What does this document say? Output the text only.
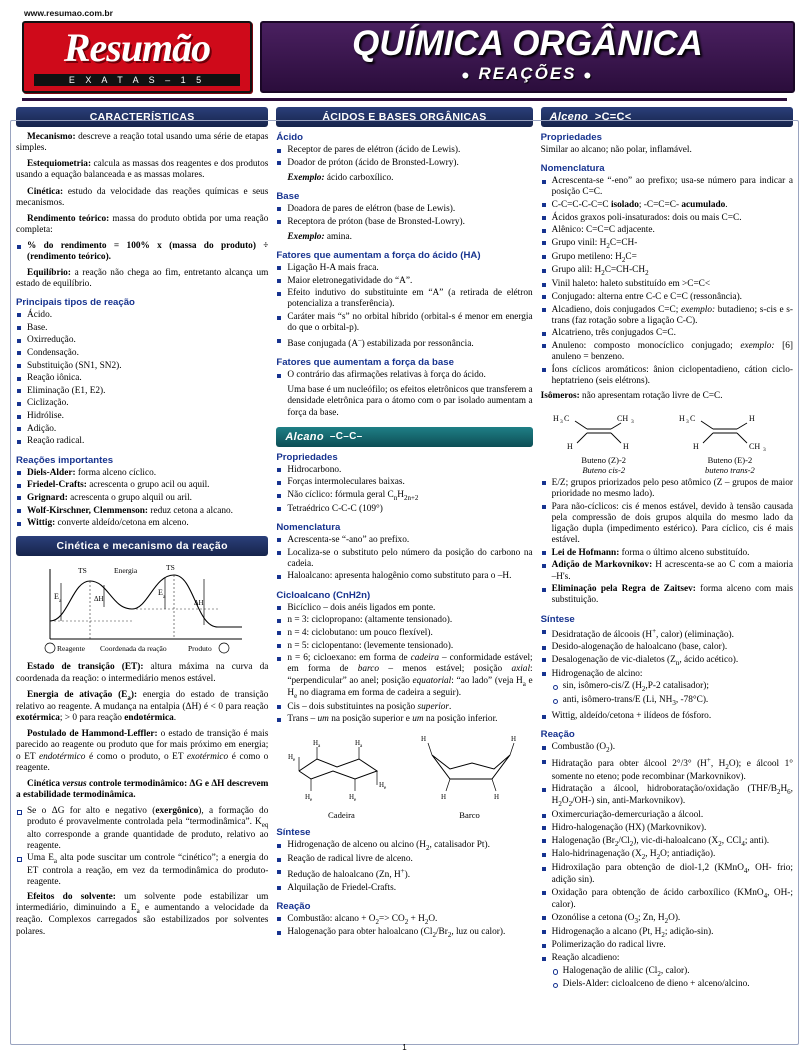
www.resumao.com.br
Resumão
E X A T A S – 1 5
QUÍMICA ORGÂNICA
● REAÇÕES ●
CARACTERÍSTICAS

Mecanismo: descreve a reação total usando uma série de etapas simples.

Estequiometria: calcula as massas dos reagentes e dos produtos usando a equação balanceada e as massas molares.

Cinética: estudo da velocidade das reações químicas e seus mecanismos.

Rendimento teórico: massa do produto obtida por uma reação completa:

% do rendimento = 100% x (massa do produto) ÷ (rendimento teórico).

Equilíbrio: a reação não chega ao fim, entretanto alcança um estado de equilíbrio.

Principais tipos de reação
Ácido.
Base.
Oxirredução.
Condensação.
Substituição (SN1, SN2).
Reação iônica.
Eliminação (E1, E2).
Ciclização.
Hidrólise.
Adição.
Reação radical.
Reações importantes
Diels-Alder: forma alceno cíclico.
Friedel-Crafts: acrescenta o grupo acil ou aquil.
Grignard: acrescenta o grupo alquil ou aril.
Wolf-Kirschner, Clemmenson: reduz cetona a alcano.
Wittig: converte aldeído/cetona em alceno.
Cinética e mecanismo da reação
E a
E a
ΔH	ΔH
TS	TS
Energia
Reagente Coordenada da reação	Produto

Estado de transição (ET): altura máxima na curva da coordenada da reação: o intermediário menos estável.

Energia de ativação $(E_a)$: energia do estado de transição relativo ao reagente. A mudança na entalpia (ΔH) é < 0 para reação exotérmica; > 0 para reação endotérmica.

Postulado de Hammond-Leffler: o estado de transição é mais parecido ao reagente ou produto que for mais próximo em energia; o ET endotérmico é como o produto, o ET exotérmico é como o reagente.

Cinética versus controle termodinâmico: ΔG e ΔH descrevem a estabilidade termodinâmica.

Se o ΔG for alto e negativo (exergônico), a formação do produto é provavelmente controlada pela “termodinâmica”. $K_{eq}$ alto corresponde a grande quantidade de produto, relativo ao reagente.
Uma $E_a$ alta pode suscitar um controle “cinético”; a energia do ET controla a reação, em vez da termodinâmica do produto-reagente.

Efeitos do solvente: um solvente pode estabilizar um intermediário, diminuindo a $E_a$ e aumentando a velocidade da reação. Complexos carregados são estabilizados por solventes polares.

ÁCIDOS E BASES ORGÂNICAS
Ácido
Receptor de pares de elétron (ácido de Lewis).
Doador de próton (ácido de Bronsted-Lowry).

Exemplo: ácido carboxílico.

Base
Doadora de pares de elétron (base de Lewis).
Receptora de próton (base de Bronsted-Lowry).

Exemplo: amina.

Fatores que aumentam a força do ácido (HA)
Ligação H-A mais fraca.
Maior eletronegatividade do “A”.
Efeito indutivo do substituinte em “A” (a retirada de elétron potencializa a transferência).
Caráter mais “s” no orbital híbrido (orbital-s é menor em energia do que o orbital-p).
Base conjugada (A–) estabilizada por ressonância.
Fatores que aumentam a força da base
O contrário das afirmações relativas à força do ácido.

Uma base é um nucleófilo; os efeitos eletrônicos que transferem a densidade eletrônica para o átomo com o par isolado aumentam a força da base.

Alcano –C–C–
Propriedades
Hidrocarbono.
Forças intermoleculares baixas.
Não cíclico: fórmula geral $C_nH_{2n+2}$
Tetraédrico C-C-C (109°)
Nomenclatura
Acrescenta-se “-ano” ao prefixo.
Localiza-se o substituto pelo número da posição do carbono na cadeia.
Haloalcano: apresenta halogênio como substituto para o –H.
Cicloalcano (CnH2n)
Bicíclico – dois anéis ligados em ponte.
n = 3: ciclopropano: (altamente tensionado).
n = 4: ciclobutano: um pouco flexível).
n = 5: ciclopentano: (levemente tensionado).
n = 6; cicloexano: em forma de cadeira – conformidade estável; em forma de barco – menos estável; posição axial: “perpendicular” ao anel; posição equatorial: “ao lado” (veja $H_a$ e $H_e$ no diagrama em forma de cadeira a seguir).
Cis – dois substituintes na posição superior.
Trans – um na posição superior e um na posição inferior.
H a	H a
H e
H e
H e	H e
Cadeira
H	H
H	H
Barco
Síntese
Hidrogenação de alceno ou alcino ($H_2$, catalisador Pt).
Reação de radical livre de alceno.
Redução de haloalcano (Zn, H+).
Alquilação de Friedel-Crafts.
Reação
Combustão: alcano + $O_2=> CO_2 + H_2O$.
Halogenação para obter haloalcano ($Cl_2/Br_2$, luz ou calor).
Alceno >C=C<
Propriedades

Similar ao alcano; não polar, inflamável.

Nomenclatura
Acrescenta-se “-eno” ao prefixo; usa-se número para indicar a posição C=C.
C-C=C-C-C=C isolado; -C=C=C- acumulado.
Ácidos graxos poli-insaturados: dois ou mais C=C.
Alênico: C=C=C adjacente.
Grupo vinil: $H_2C=CH-$
Grupo metileno: $H_2C=$
Grupo alil: $H_2C=CH-CH_2$
Vinil haleto: haleto substituído em >C=C<
Conjugado: alterna entre C-C e C=C (ressonância).
Alcadieno, dois conjugados C=C; exemplo: butadieno; s-cis e s-trans (faz rotação sobre a ligação C-C).
Alcatrieno, três conjugados C=C.
Anuleno: composto monocíclico conjugado; exemplo: [6] anuleno = benzeno.
Íons cíclicos aromáticos: ânion ciclopentadieno, cátion ciclo-heptatrieno (seis elétrons).

Isômeros: não apresentam rotação livre de C=C.

H 3 C	CH 3
H	H
Buteno (Z)-2
Buteno cis-2
H 3 C
CH 3
H
H
Buteno (E)-2
buteno trans-2
E/Z; grupos priorizados pelo peso atômico (Z – grupos de maior prioridade no mesmo lado).
Para não-cíclicos: cis é menos estável, devido à tensão causada pela compressão de dois grupos alquila do mesmo lado da ligação dupla (impedimento estérico). Para cíclico, cis é mais estável.
Lei de Hofmann: forma o último alceno substituído.
Adição de Markovnikov: H acrescenta-se ao C com a maioria –H's.
Eliminação pela Regra de Zaitsev: forma alceno com mais substituição.
Síntese
Desidratação de álcoois (H+, calor) (eliminação).
Desido-alogenação de haloalcano (base, calor).
Desalogenação de vic-dialetos ($Z_n$, ácido acético).
Hidrogenação de alcino:
sin, isômero-cis/Z ($H_2,P-2$ catalisador);
anti, isômero-trans/E (Li, $NH_3$, -78°C).
Wittig, aldeído/cetona + ilídeos de fósforo.
Reação
Combustão $(O_2)$.
Hidratação para obter álcool 2°/3° (H+, $H_2O$); e álcool 1° somente no eteno; pode recombinar (Markovnikov).
Hidratação a álcool, hidroboratação/oxidação ($THF/B_2H_6$, $H_2O_2/OH-$) sin, anti-Markovnikov).
Oximercuriação-demercuriação a álcool.
Hidro-halogenação (HX) (Markovnikov).
Halogenação $(Br_2/Cl_2)$, vic-di-haloalcano ($X_2$, CCl$_4$; anti).
Halo-hidrinagenação ($X_2$, $H_2O$; antiadição).
Hidroxilação para obtenção de diol-1,2 (KMnO$_4$, OH- frio; adição sin).
Oxidação para obtenção de ácido carboxílico (KMnO$_4$, OH-; calor).
Ozonólise a cetona ($O_3$; Zn, $H_2O$).
Hidrogenação a alcano (Pt, $H_2$; adição-sin).
Polimerização do radical livre.
Reação alcadieno:
Halogenação de alilic ($Cl_2$, calor).
Diels-Alder: cicloalceno de dieno + alceno/alcino.
1
